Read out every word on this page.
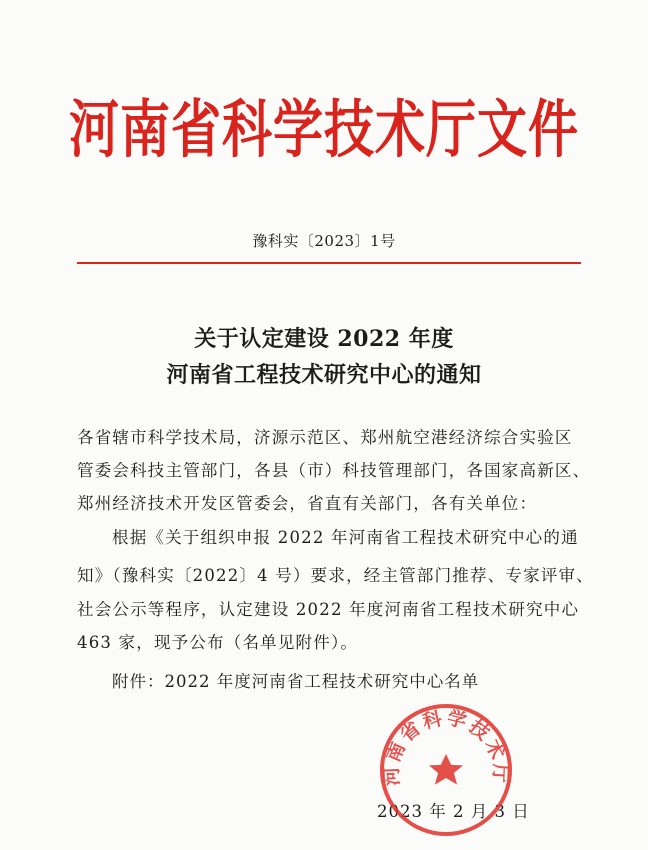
河南省科学技术厅文件
豫科实〔2023〕1号
关于认定建设 2022 年度
河南省工程技术研究中心的通知
各省辖市科学技术局，济源示范区、郑州航空港经济综合实验区
管委会科技主管部门，各县（市）科技管理部门，各国家高新区、
郑州经济技术开发区管委会，省直有关部门，各有关单位：
根据《关于组织申报 2022 年河南省工程技术研究中心的通
知》（豫科实〔2022〕4 号）要求，经主管部门推荐、专家评审、
社会公示等程序，认定建设 2022 年度河南省工程技术研究中心
463 家，现予公布（名单见附件）。
附件：2022 年度河南省工程技术研究中心名单
2023 年 2 月 3 日
河南省科学技术厅
